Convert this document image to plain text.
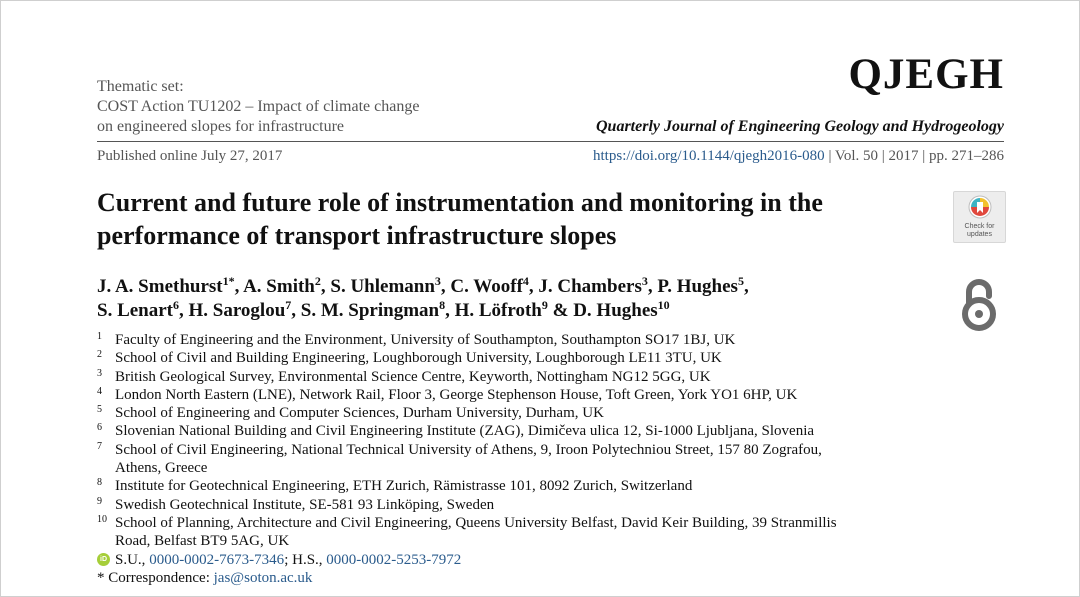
Thematic set:
COST Action TU1202 – Impact of climate change
on engineered slopes for infrastructure
QJEGH
Quarterly Journal of Engineering Geology and Hydrogeology
Published online July 27, 2017	https://doi.org/10.1144/qjegh2016-080 | Vol. 50 | 2017 | pp. 271–286
Current and future role of instrumentation and monitoring in the performance of transport infrastructure slopes	Check for updates
J. A. Smethurst$^{1*}$, A. Smith$^2$, S. Uhlemann$^3$, C. Wooff$^4$, J. Chambers$^3$, P. Hughes$^5$,
S. Lenart$^6$, H. Saroglou$^7$, S. M. Springman$^8$, H. Löfroth$^9$ & D. Hughes$^{10}$
1 Faculty of Engineering and the Environment, University of Southampton, Southampton SO17 1BJ, UK
2 School of Civil and Building Engineering, Loughborough University, Loughborough LE11 3TU, UK
3 British Geological Survey, Environmental Science Centre, Keyworth, Nottingham NG12 5GG, UK
4 London North Eastern (LNE), Network Rail, Floor 3, George Stephenson House, Toft Green, York YO1 6HP, UK
5 School of Engineering and Computer Sciences, Durham University, Durham, UK
6 Slovenian National Building and Civil Engineering Institute (ZAG), Dimičeva ulica 12, Si-1000 Ljubljana, Slovenia
7 School of Civil Engineering, National Technical University of Athens, 9, Iroon Polytechniou Street, 157 80 Zografou,
Athens, Greece
8 Institute for Geotechnical Engineering, ETH Zurich, Rämistrasse 101, 8092 Zurich, Switzerland
9 Swedish Geotechnical Institute, SE-581 93 Linköping, Sweden
10 School of Planning, Architecture and Civil Engineering, Queens University Belfast, David Keir Building, 39 Stranmillis
Road, Belfast BT9 5AG, UK
iD S.U., 0000-0002-7673-7346; H.S., 0000-0002-5253-7972
* Correspondence: jas@soton.ac.uk
